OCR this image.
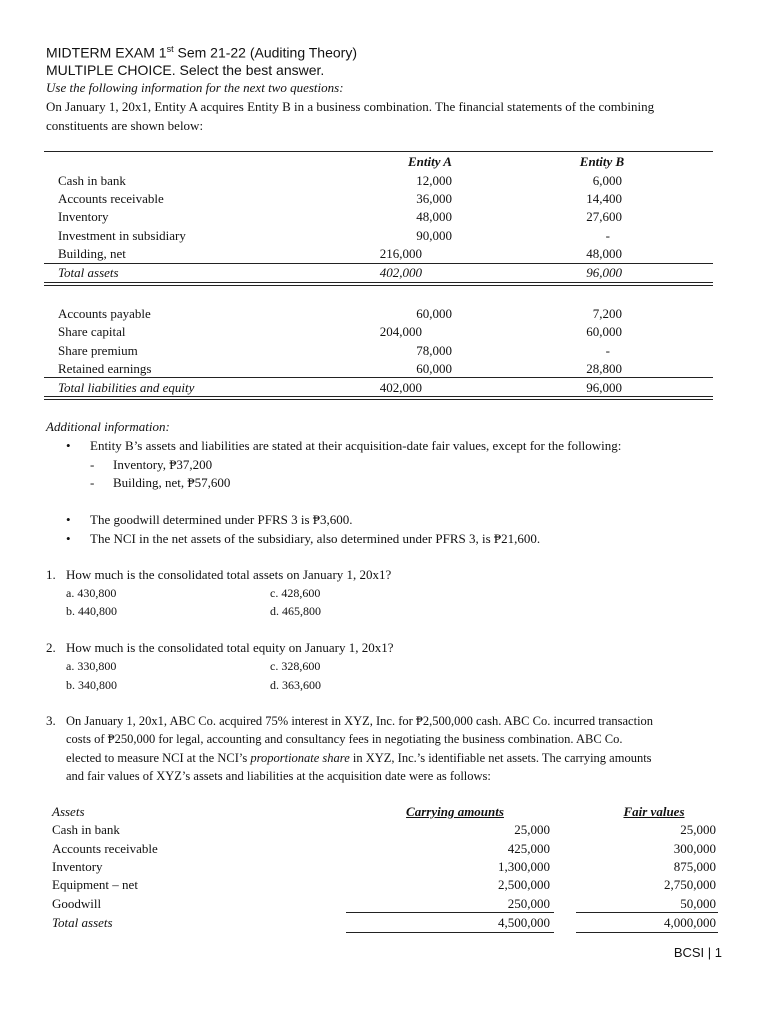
MIDTERM EXAM 1st Sem 21-22 (Auditing Theory)
MULTIPLE CHOICE. Select the best answer.
Use the following information for the next two questions:
On January 1, 20x1, Entity A acquires Entity B in a business combination. The financial statements of the combining
constituents are shown below:
Entity A	Entity B
Cash in bank	12,000	6,000
Accounts receivable	36,000	14,400
Inventory	48,000	27,600
Investment in subsidiary	90,000	-
Building, net	216,000	48,000
Total assets	402,000	96,000
Accounts payable	60,000	7,200
Share capital	204,000	60,000
Share premium	78,000	-
Retained earnings	60,000	28,800
Total liabilities and equity	402,000	96,000
Additional information:
• Entity B’s assets and liabilities are stated at their acquisition-date fair values, except for the following:
- Inventory, ₱37,200
- Building, net, ₱57,600
• The goodwill determined under PFRS 3 is ₱3,600.
• The NCI in the net assets of the subsidiary, also determined under PFRS 3, is ₱21,600.
1. How much is the consolidated total assets on January 1, 20x1?
a. 430,800	c. 428,600
b. 440,800	d. 465,800
2. How much is the consolidated total equity on January 1, 20x1?
a. 330,800	c. 328,600
b. 340,800	d. 363,600
3. On January 1, 20x1, ABC Co. acquired 75% interest in XYZ, Inc. for ₱2,500,000 cash. ABC Co. incurred transaction
costs of ₱250,000 for legal, accounting and consultancy fees in negotiating the business combination. ABC Co.
elected to measure NCI at the NCI’s proportionate share in XYZ, Inc.’s identifiable net assets. The carrying amounts
and fair values of XYZ’s assets and liabilities at the acquisition date were as follows:
Assets	Carrying amounts	Fair values
Cash in bank	25,000	25,000
Accounts receivable	425,000	300,000
Inventory	1,300,000	875,000
Equipment – net	2,500,000	2,750,000
Goodwill	250,000	50,000
Total assets	4,500,000	4,000,000
BCSI | 1
